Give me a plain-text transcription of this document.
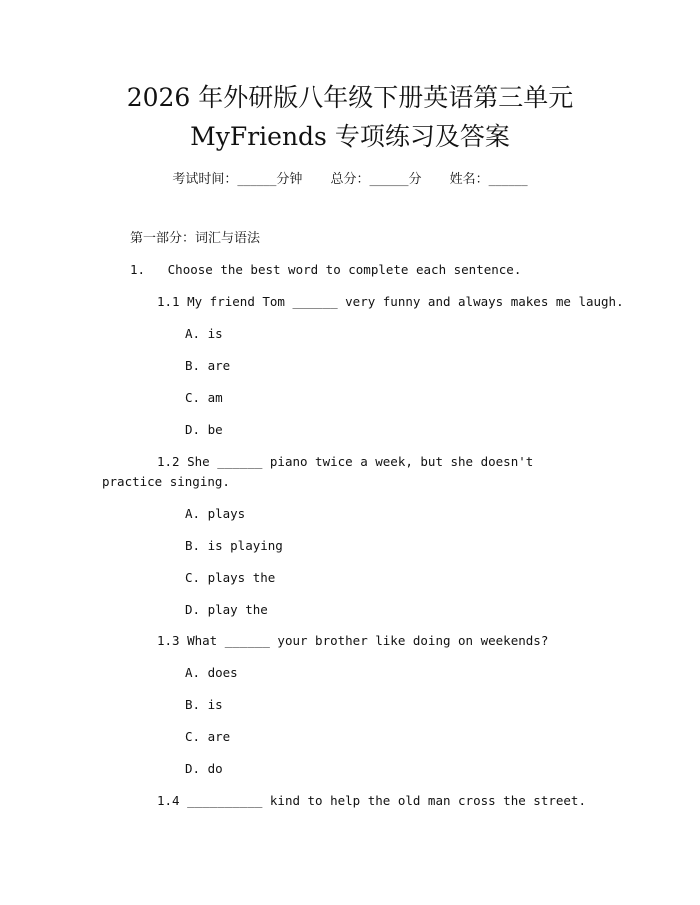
2026 年外研版八年级下册英语第三单元
MyFriends 专项练习及答案
考试时间：______分钟 总分：______分 姓名：______
第一部分：词汇与语法
1. Choose the best word to complete each sentence.
1.1 My friend Tom ______ very funny and always makes me laugh.
A. is
B. are
C. am
D. be
1.2 She ______ piano twice a week, but she doesn't practice singing.
A. plays
B. is playing
C. plays the
D. play the
1.3 What ______ your brother like doing on weekends?
A. does
B. is
C. are
D. do
1.4 __________ kind to help the old man cross the street.
